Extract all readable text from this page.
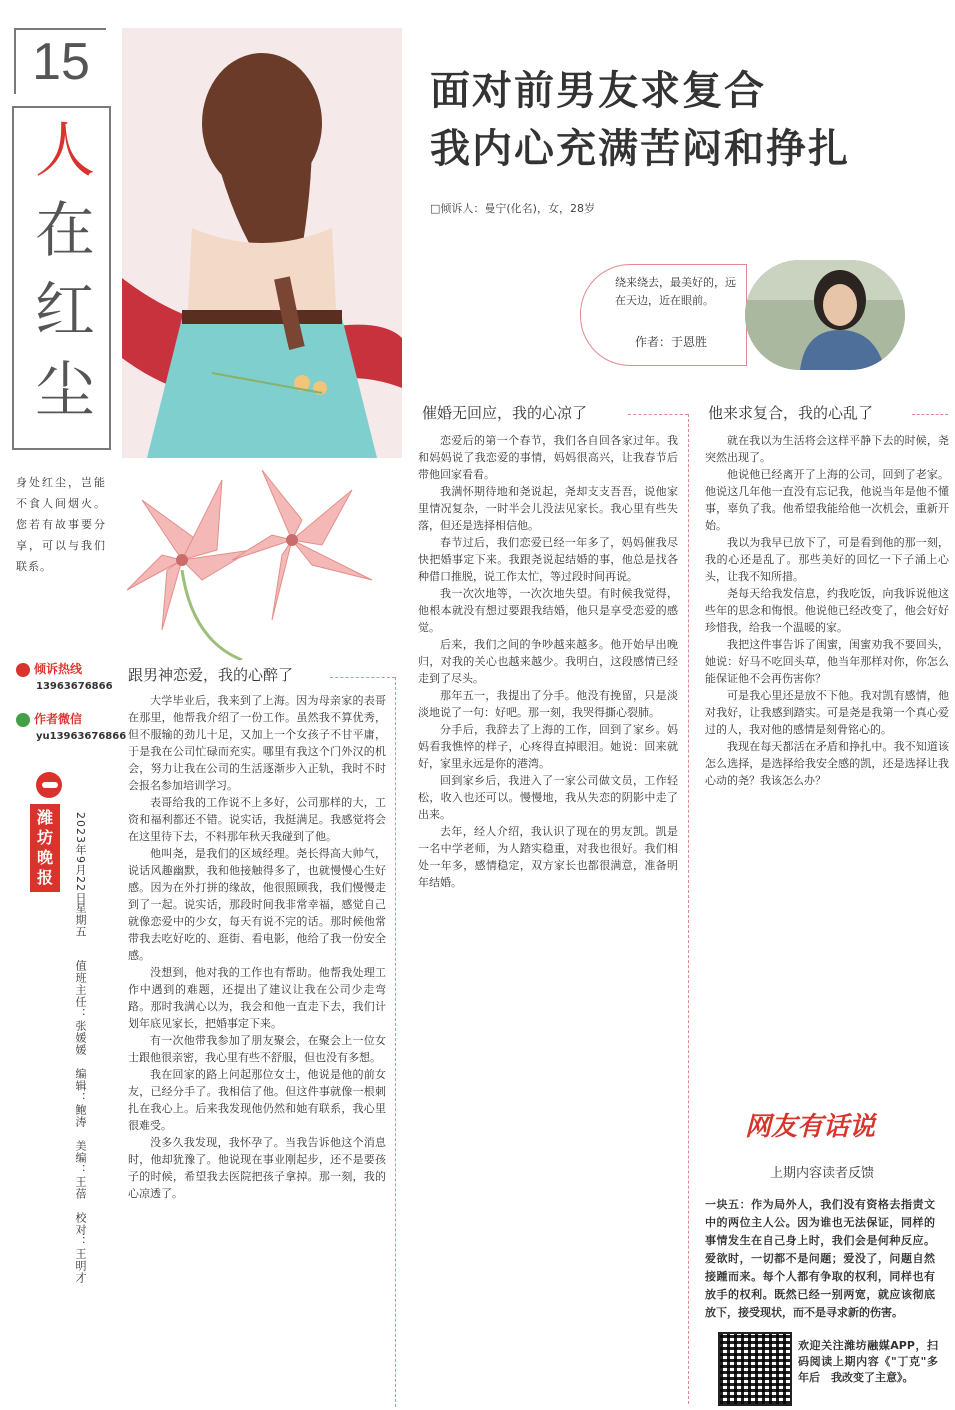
15
人
在
红
尘
身处红尘，岂能不食人间烟火。您若有故事要分享，可以与我们联系。
倾诉热线
13963676866
作者微信
yu13963676866
潍坊晚报	2023年9月22日
星期五
值班主任：张媛媛　编辑：鲍涛　美编：王蓓　校对：王明才
面对前男友求复合
我内心充满苦闷和挣扎
□倾诉人：曼宁(化名)，女，28岁
绕来绕去，最美好的，远在天边，近在眼前。
作者：于恩胜
跟男神恋爱，我的心醉了

大学毕业后，我来到了上海。因为母亲家的表哥在那里，他帮我介绍了一份工作。虽然我不算优秀，但不服输的劲儿十足，又加上一个女孩子不甘平庸，于是我在公司忙碌而充实。哪里有我这个门外汉的机会，努力让我在公司的生活逐渐步入正轨，我时不时会报名参加培训学习。

表哥给我的工作说不上多好，公司那样的大，工资和福利都还不错。说实话，我挺满足。我感觉将会在这里待下去，不料那年秋天我碰到了他。

他叫尧，是我们的区域经理。尧长得高大帅气，说话风趣幽默，我和他接触得多了，也就慢慢心生好感。因为在外打拼的缘故，他很照顾我，我们慢慢走到了一起。说实话，那段时间我非常幸福，感觉自己就像恋爱中的少女，每天有说不完的话。那时候他常带我去吃好吃的、逛街、看电影，他给了我一份安全感。

没想到，他对我的工作也有帮助。他帮我处理工作中遇到的难题，还提出了建议让我在公司少走弯路。那时我满心以为，我会和他一直走下去，我们计划年底见家长，把婚事定下来。

有一次他带我参加了朋友聚会，在聚会上一位女士跟他很亲密，我心里有些不舒服，但也没有多想。

我在回家的路上问起那位女士，他说是他的前女友，已经分手了。我相信了他。但这件事就像一根刺扎在我心上。后来我发现他仍然和她有联系，我心里很难受。

没多久我发现，我怀孕了。当我告诉他这个消息时，他却犹豫了。他说现在事业刚起步，还不是要孩子的时候，希望我去医院把孩子拿掉。那一刻，我的心凉透了。

催婚无回应，我的心凉了

恋爱后的第一个春节，我们各自回各家过年。我和妈妈说了我恋爱的事情，妈妈很高兴，让我春节后带他回家看看。

我满怀期待地和尧说起，尧却支支吾吾，说他家里情况复杂，一时半会儿没法见家长。我心里有些失落，但还是选择相信他。

春节过后，我们恋爱已经一年多了，妈妈催我尽快把婚事定下来。我跟尧说起结婚的事，他总是找各种借口推脱，说工作太忙，等过段时间再说。

我一次次地等，一次次地失望。有时候我觉得，他根本就没有想过要跟我结婚，他只是享受恋爱的感觉。

后来，我们之间的争吵越来越多。他开始早出晚归，对我的关心也越来越少。我明白，这段感情已经走到了尽头。

那年五一，我提出了分手。他没有挽留，只是淡淡地说了一句：好吧。那一刻，我哭得撕心裂肺。

分手后，我辞去了上海的工作，回到了家乡。妈妈看我憔悴的样子，心疼得直掉眼泪。她说：回来就好，家里永远是你的港湾。

回到家乡后，我进入了一家公司做文员，工作轻松，收入也还可以。慢慢地，我从失恋的阴影中走了出来。

去年，经人介绍，我认识了现在的男友凯。凯是一名中学老师，为人踏实稳重，对我也很好。我们相处一年多，感情稳定，双方家长也都很满意，准备明年结婚。

他来求复合，我的心乱了

就在我以为生活将会这样平静下去的时候，尧突然出现了。

他说他已经离开了上海的公司，回到了老家。他说这几年他一直没有忘记我，他说当年是他不懂事，辜负了我。他希望我能给他一次机会，重新开始。

我以为我早已放下了，可是看到他的那一刻，我的心还是乱了。那些美好的回忆一下子涌上心头，让我不知所措。

尧每天给我发信息，约我吃饭，向我诉说他这些年的思念和悔恨。他说他已经改变了，他会好好珍惜我，给我一个温暖的家。

我把这件事告诉了闺蜜，闺蜜劝我不要回头，她说：好马不吃回头草，他当年那样对你，你怎么能保证他不会再伤害你？

可是我心里还是放不下他。我对凯有感情，他对我好，让我感到踏实。可是尧是我第一个真心爱过的人，我对他的感情是刻骨铭心的。

我现在每天都活在矛盾和挣扎中。我不知道该怎么选择，是选择给我安全感的凯，还是选择让我心动的尧？我该怎么办？

网友有话说
上期内容读者反馈
一块五：作为局外人，我们没有资格去指责文中的两位主人公。因为谁也无法保证，同样的事情发生在自己身上时，我们会是何种反应。爱欲时，一切都不是问题；爱没了，问题自然接踵而来。每个人都有争取的权利，同样也有放手的权利。既然已经一别两宽，就应该彻底放下，接受现状，而不是寻求新的伤害。
欢迎关注潍坊融媒APP，扫码阅读上期内容《"丁克"多年后　我改变了主意》。
